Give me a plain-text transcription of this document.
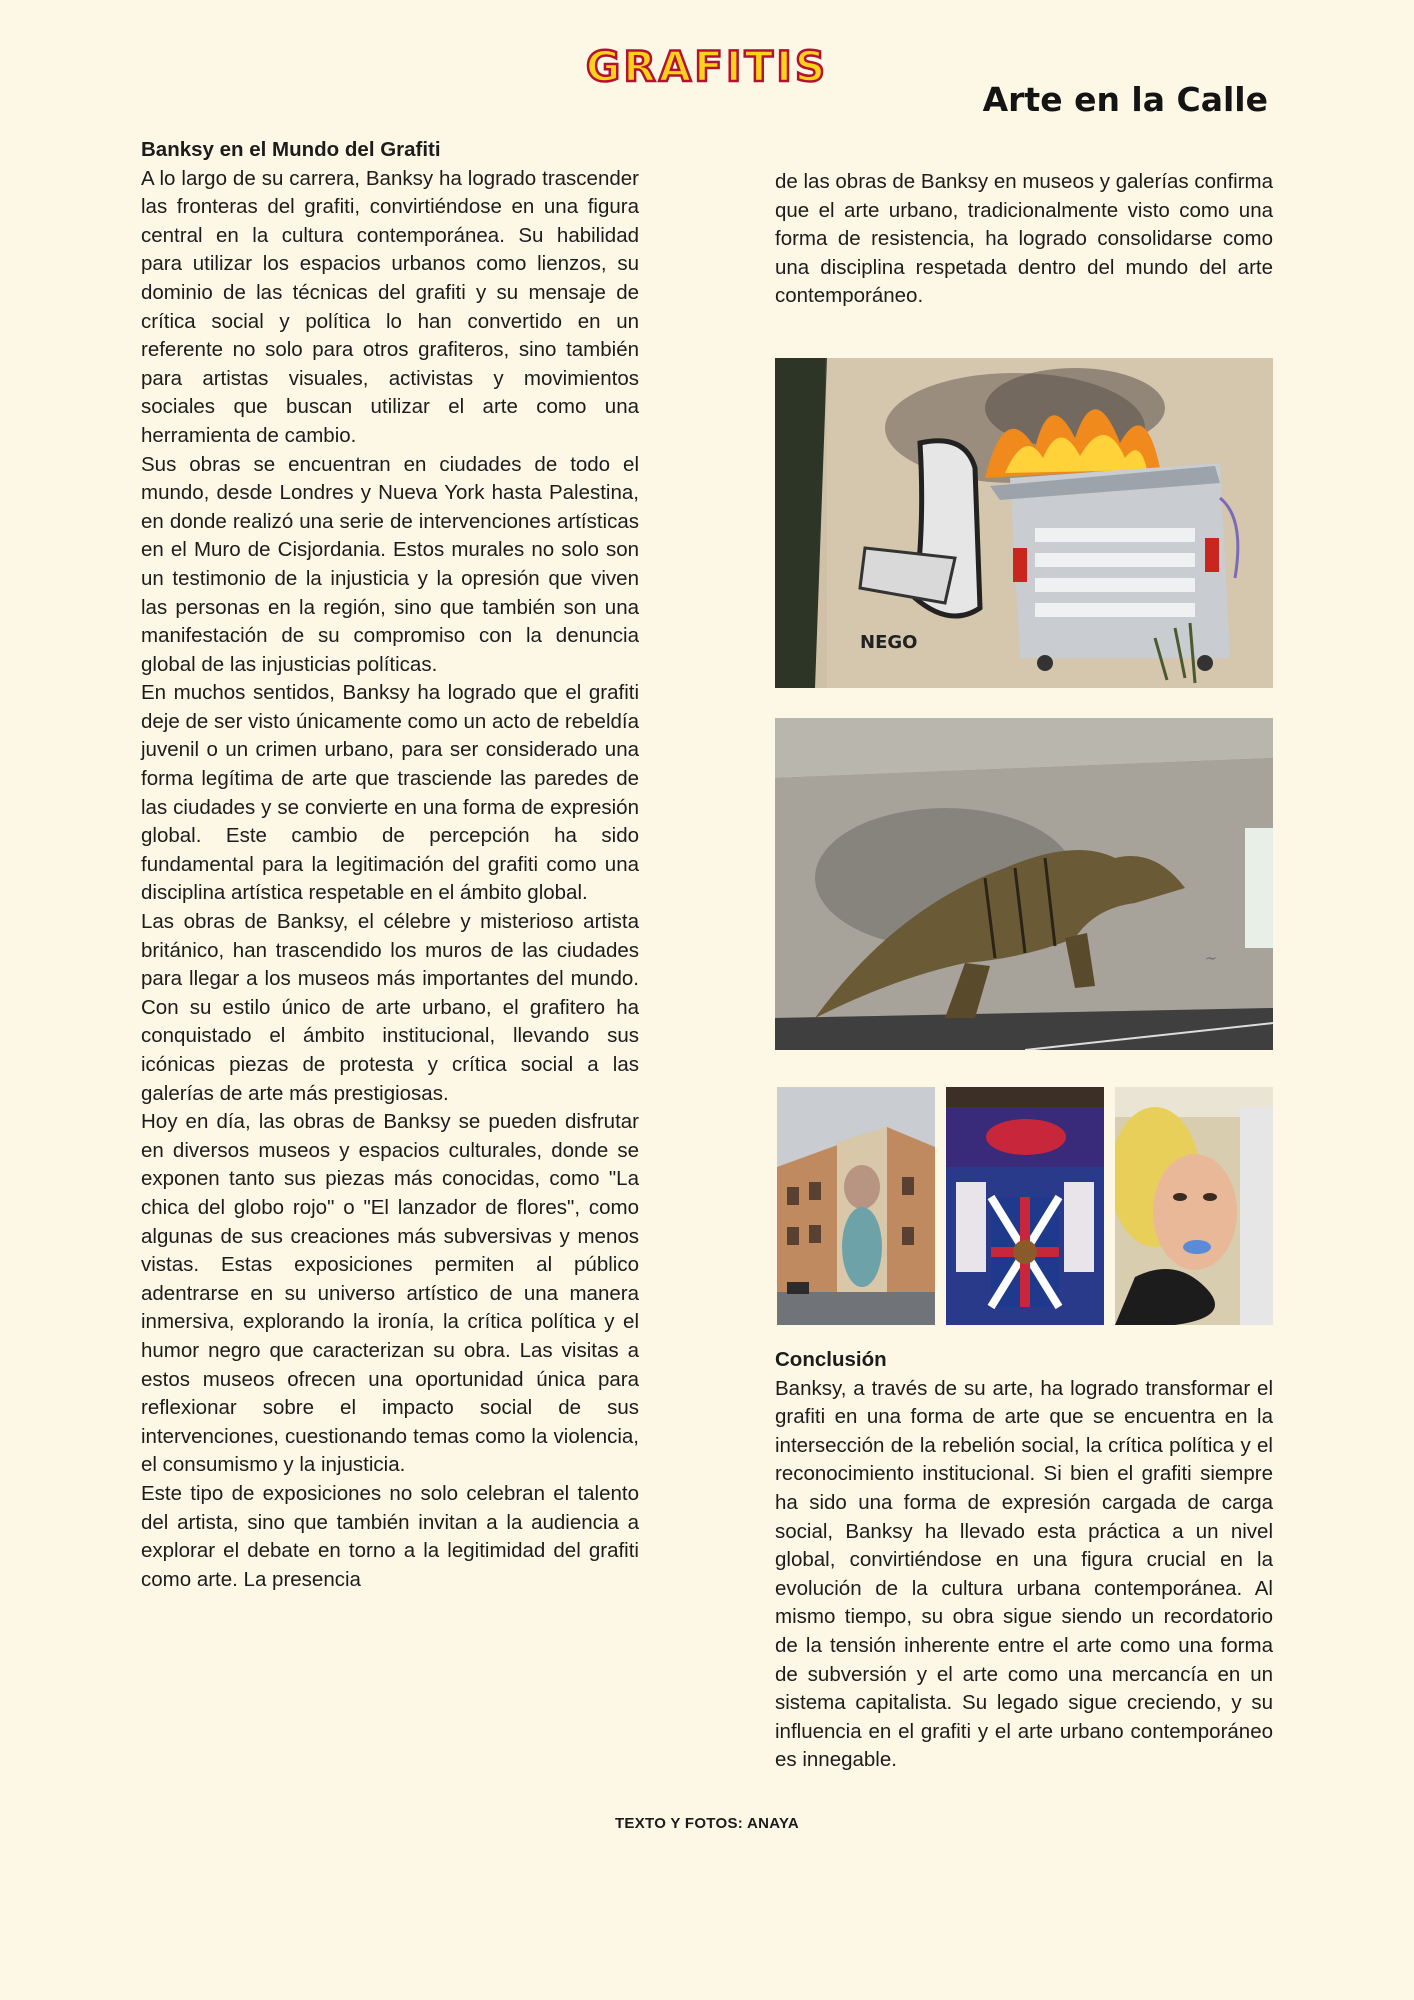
GRAFITIS
Arte en la Calle
Banksy en el Mundo del Grafiti

A lo largo de su carrera, Banksy ha logrado trascender las fronteras del grafiti, convirtiéndose en una figura central en la cultura contemporánea. Su habilidad para utilizar los espacios urbanos como lienzos, su dominio de las técnicas del grafiti y su mensaje de crítica social y política lo han convertido en un referente no solo para otros grafiteros, sino también para artistas visuales, activistas y movimientos sociales que buscan utilizar el arte como una herramienta de cambio.

Sus obras se encuentran en ciudades de todo el mundo, desde Londres y Nueva York hasta Palestina, en donde realizó una serie de intervenciones artísticas en el Muro de Cisjordania. Estos murales no solo son un testimonio de la injusticia y la opresión que viven las personas en la región, sino que también son una manifestación de su compromiso con la denuncia global de las injusticias políticas.

En muchos sentidos, Banksy ha logrado que el grafiti deje de ser visto únicamente como un acto de rebeldía juvenil o un crimen urbano, para ser considerado una forma legítima de arte que trasciende las paredes de las ciudades y se convierte en una forma de expresión global. Este cambio de percepción ha sido fundamental para la legitimación del grafiti como una disciplina artística respetable en el ámbito global.

Las obras de Banksy, el célebre y misterioso artista británico, han trascendido los muros de las ciudades para llegar a los museos más importantes del mundo. Con su estilo único de arte urbano, el grafitero ha conquistado el ámbito institucional, llevando sus icónicas piezas de protesta y crítica social a las galerías de arte más prestigiosas.

Hoy en día, las obras de Banksy se pueden disfrutar en diversos museos y espacios culturales, donde se exponen tanto sus piezas más conocidas, como "La chica del globo rojo" o "El lanzador de flores", como algunas de sus creaciones más subversivas y menos vistas. Estas exposiciones permiten al público adentrarse en su universo artístico de una manera inmersiva, explorando la ironía, la crítica política y el humor negro que caracterizan su obra. Las visitas a estos museos ofrecen una oportunidad única para reflexionar sobre el impacto social de sus intervenciones, cuestionando temas como la violencia, el consumismo y la injusticia.

Este tipo de exposiciones no solo celebran el talento del artista, sino que también invitan a la audiencia a explorar el debate en torno a la legitimidad del grafiti como arte. La presencia

de las obras de Banksy en museos y galerías confirma que el arte urbano, tradicionalmente visto como una forma de resistencia, ha logrado consolidarse como una disciplina respetada dentro del mundo del arte contemporáneo.

NEGO
~
Conclusión

Banksy, a través de su arte, ha logrado transformar el grafiti en una forma de arte que se encuentra en la intersección de la rebelión social, la crítica política y el reconocimiento institucional. Si bien el grafiti siempre ha sido una forma de expresión cargada de carga social, Banksy ha llevado esta práctica a un nivel global, convirtiéndose en una figura crucial en la evolución de la cultura urbana contemporánea. Al mismo tiempo, su obra sigue siendo un recordatorio de la tensión inherente entre el arte como una forma de subversión y el arte como una mercancía en un sistema capitalista. Su legado sigue creciendo, y su influencia en el grafiti y el arte urbano contemporáneo es innegable.

TEXTO Y FOTOS: ANAYA
